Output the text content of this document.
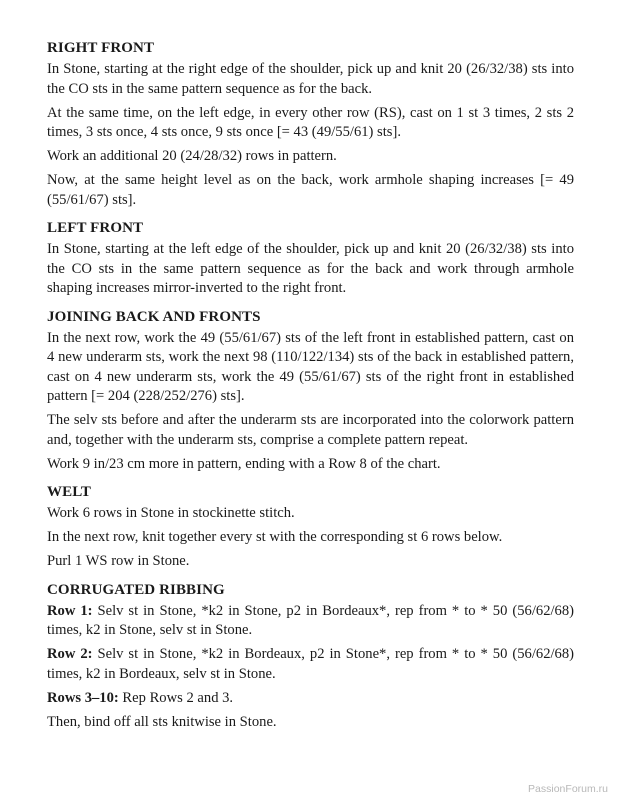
RIGHT FRONT

In Stone, starting at the right edge of the shoulder, pick up and knit 20 (26/32/38) sts into the CO sts in the same pattern sequence as for the back.

At the same time, on the left edge, in every other row (RS), cast on 1 st 3 times, 2 sts 2 times, 3 sts once, 4 sts once, 9 sts once [= 43 (49/55/61) sts].

Work an additional 20 (24/28/32) rows in pattern.

Now, at the same height level as on the back, work armhole shaping increases [= 49 (55/61/67) sts].

LEFT FRONT

In Stone, starting at the left edge of the shoulder, pick up and knit 20 (26/32/38) sts into the CO sts in the same pattern sequence as for the back and work through armhole shaping increases mirror-inverted to the right front.

JOINING BACK AND FRONTS

In the next row, work the 49 (55/61/67) sts of the left front in established pattern, cast on 4 new underarm sts, work the next 98 (110/122/134) sts of the back in established pattern, cast on 4 new underarm sts, work the 49 (55/61/67) sts of the right front in established pattern [= 204 (228/252/276) sts].

The selv sts before and after the underarm sts are incorporated into the colorwork pattern and, together with the underarm sts, comprise a complete pattern repeat.

Work 9 in/23 cm more in pattern, ending with a Row 8 of the chart.

WELT

Work 6 rows in Stone in stockinette stitch.

In the next row, knit together every st with the corresponding st 6 rows below.

Purl 1 WS row in Stone.

CORRUGATED RIBBING

Row 1: Selv st in Stone, *k2 in Stone, p2 in Bordeaux*, rep from * to * 50 (56/62/68) times, k2 in Stone, selv st in Stone.

Row 2: Selv st in Stone, *k2 in Bordeaux, p2 in Stone*, rep from * to * 50 (56/62/68) times, k2 in Bordeaux, selv st in Stone.

Rows 3–10: Rep Rows 2 and 3.

Then, bind off all sts knitwise in Stone.

PassionForum.ru
